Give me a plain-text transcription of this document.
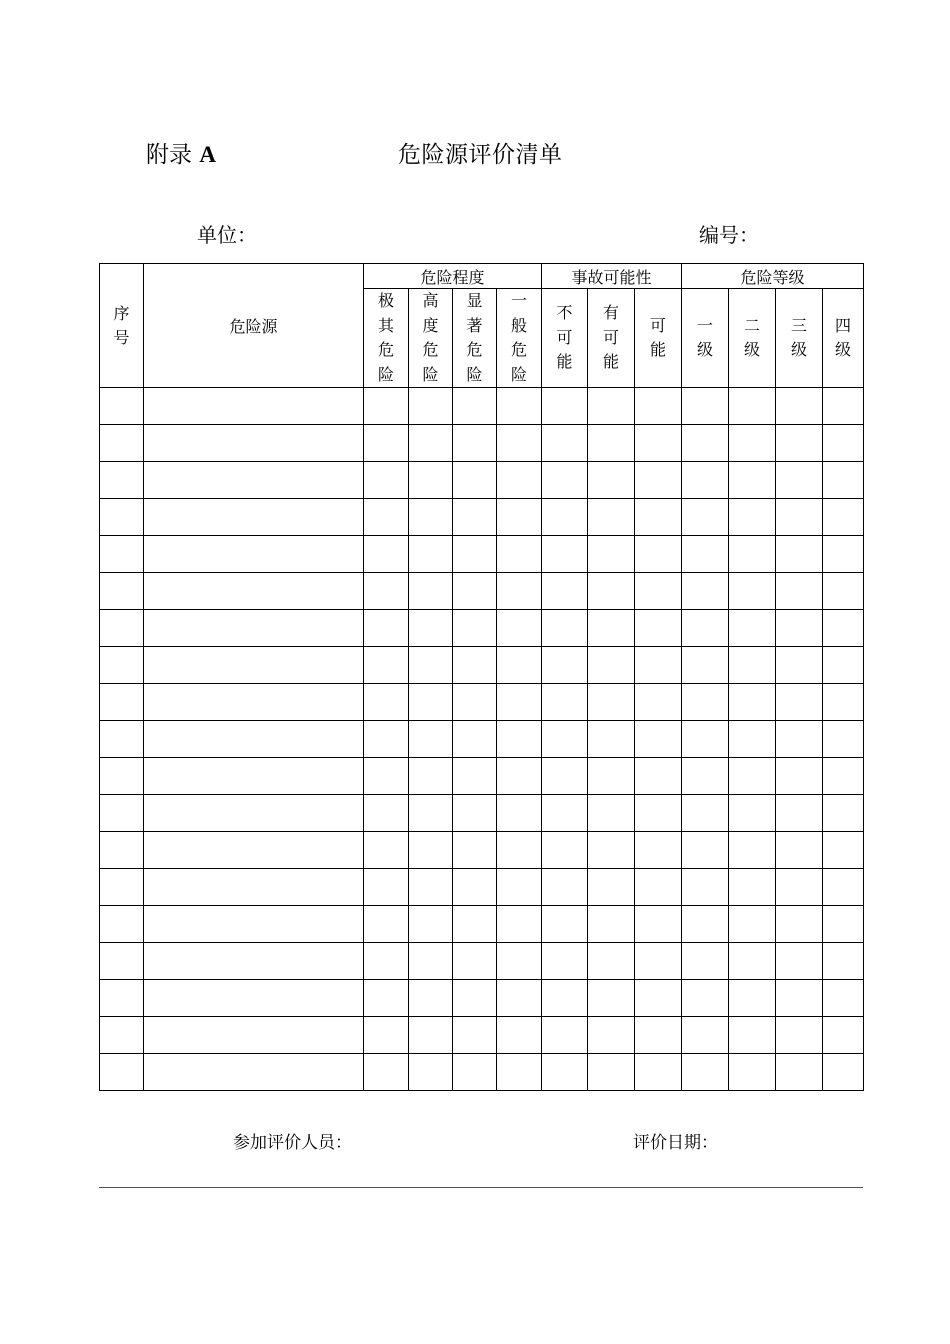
附录 A	危险源评价清单
单位：	编号：
序号	危险源	危险程度				事故可能性			危险等级			
		极其危险	高度危险	显著危险	一般危险	不可能	有可能	可能	一级	二级	三级	四级

参加评价人员：	评价日期：
